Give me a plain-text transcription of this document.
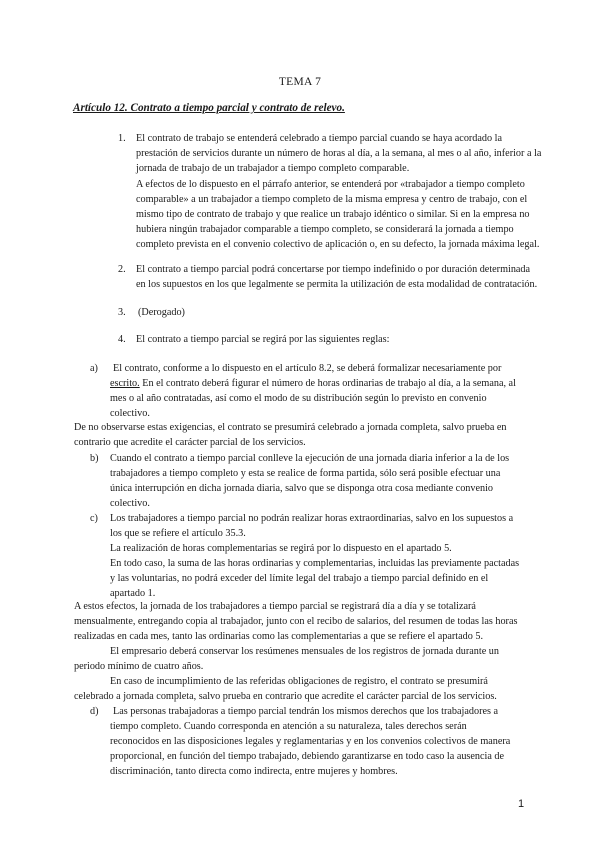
TEMA 7
Artículo 12. Contrato a tiempo parcial y contrato de relevo.
1. El contrato de trabajo se entenderá celebrado a tiempo parcial cuando se haya acordado la
prestación de servicios durante un número de horas al día, a la semana, al mes o al año, inferior a la
jornada de trabajo de un trabajador a tiempo completo comparable.
A efectos de lo dispuesto en el párrafo anterior, se entenderá por «trabajador a tiempo completo
comparable» a un trabajador a tiempo completo de la misma empresa y centro de trabajo, con el
mismo tipo de contrato de trabajo y que realice un trabajo idéntico o similar. Si en la empresa no
hubiera ningún trabajador comparable a tiempo completo, se considerará la jornada a tiempo
completo prevista en el convenio colectivo de aplicación o, en su defecto, la jornada máxima legal.
2. El contrato a tiempo parcial podrá concertarse por tiempo indefinido o por duración determinada
en los supuestos en los que legalmente se permita la utilización de esta modalidad de contratación.
3. (Derogado)
4. El contrato a tiempo parcial se regirá por las siguientes reglas:
a) El contrato, conforme a lo dispuesto en el artículo 8.2, se deberá formalizar necesariamente por
escrito. En el contrato deberá figurar el número de horas ordinarias de trabajo al día, a la semana, al
mes o al año contratadas, así como el modo de su distribución según lo previsto en convenio
colectivo.
De no observarse estas exigencias, el contrato se presumirá celebrado a jornada completa, salvo prueba en
contrario que acredite el carácter parcial de los servicios.
b) Cuando el contrato a tiempo parcial conlleve la ejecución de una jornada diaria inferior a la de los
trabajadores a tiempo completo y esta se realice de forma partida, sólo será posible efectuar una
única interrupción en dicha jornada diaria, salvo que se disponga otra cosa mediante convenio
colectivo.
c) Los trabajadores a tiempo parcial no podrán realizar horas extraordinarias, salvo en los supuestos a
los que se refiere el artículo 35.3.
La realización de horas complementarias se regirá por lo dispuesto en el apartado 5.
En todo caso, la suma de las horas ordinarias y complementarias, incluidas las previamente pactadas
y las voluntarias, no podrá exceder del límite legal del trabajo a tiempo parcial definido en el
apartado 1.
A estos efectos, la jornada de los trabajadores a tiempo parcial se registrará día a día y se totalizará
mensualmente, entregando copia al trabajador, junto con el recibo de salarios, del resumen de todas las horas
realizadas en cada mes, tanto las ordinarias como las complementarias a que se refiere el apartado 5.
El empresario deberá conservar los resúmenes mensuales de los registros de jornada durante un
periodo mínimo de cuatro años.
En caso de incumplimiento de las referidas obligaciones de registro, el contrato se presumirá
celebrado a jornada completa, salvo prueba en contrario que acredite el carácter parcial de los servicios.
d) Las personas trabajadoras a tiempo parcial tendrán los mismos derechos que los trabajadores a
tiempo completo. Cuando corresponda en atención a su naturaleza, tales derechos serán
reconocidos en las disposiciones legales y reglamentarias y en los convenios colectivos de manera
proporcional, en función del tiempo trabajado, debiendo garantizarse en todo caso la ausencia de
discriminación, tanto directa como indirecta, entre mujeres y hombres.
1
